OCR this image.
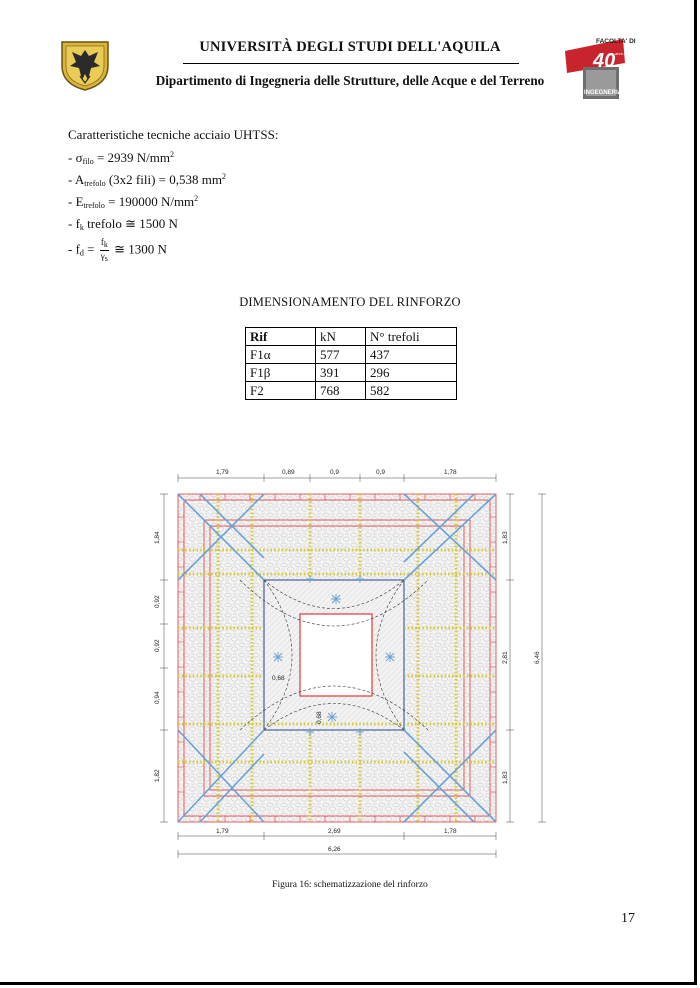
UNIVERSITÀ DEGLI STUDI DELL'AQUILA
Dipartimento di Ingegneria delle Strutture, delle Acque e del Terreno
FACOLTA' DI
40 anni Aula
INGEGNERIA
Caratteristiche tecniche acciaio UHTSS:
- $\sigma_{filo} = 2939$ $N/mm^2$
- $A_{trefolo}$ (3x2 fili) = 0,538 $mm^2$
- $E_{trefolo} = 190000$ $N/mm^2$
- $f_k$ trefolo ≅ 1500 N
- $f_d = \frac{f_k}{\gamma_s}$ ≅ 1300 N
DIMENSIONAMENTO DEL RINFORZO
Rif	kN	N° trefoli
F1α	577	437
F1β	391	296
F2	768	582
0,68
0,68
1,79	0,89	0,9	0,9	1,78
1,79	2,69	1,78
6,26
1,84
0,92
0,92
0,94
1,82
1,83
2,81
1,83
6,46
Figura 16: schematizzazione del rinforzo
17
